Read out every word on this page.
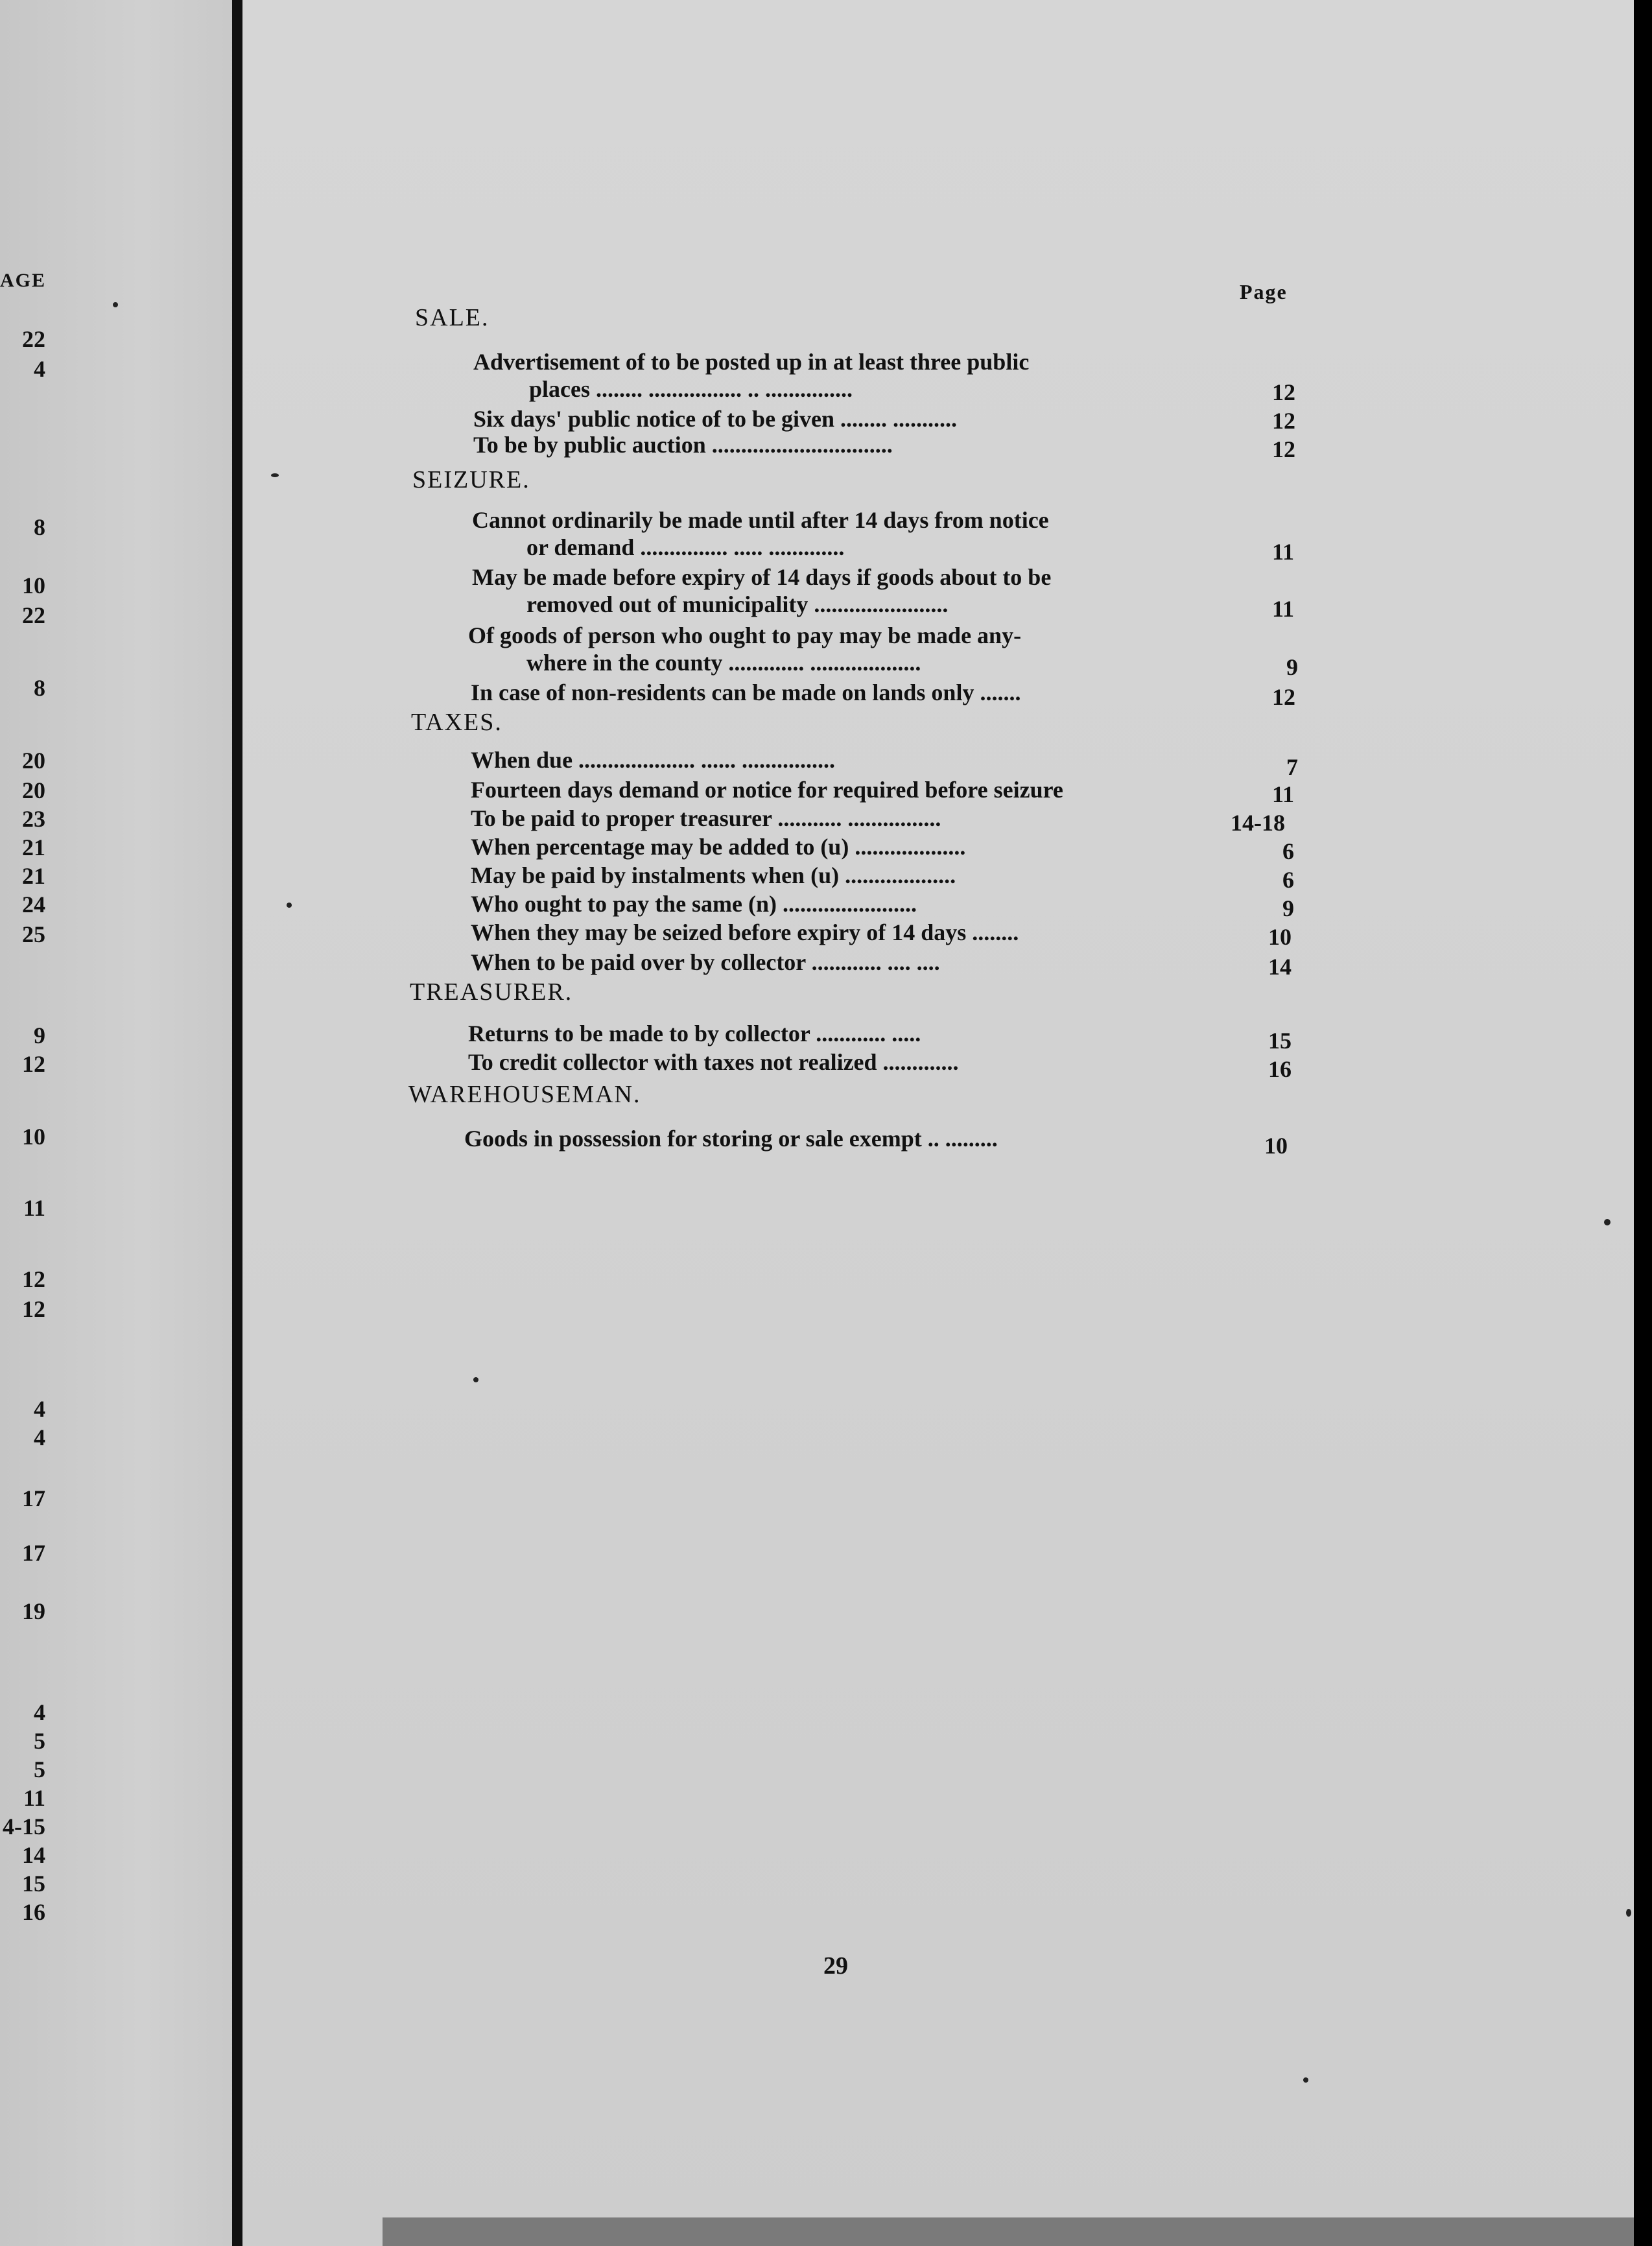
AGE
22
4
8
10
22
8
20
20
23
21
21
24
25
9
12
10
11
12
12
4
4
17
17
19
4
5
5
11
4-15
14
15
16
Page
SALE.
Advertisement of to be posted up in at least three public
places ........ ................ .. ...............	12
Six days' public notice of to be given ........ ...........	12
To be by public auction ...............................	12
SEIZURE.
Cannot ordinarily be made until after 14 days from notice
or demand ............... ..... .............	11
May be made before expiry of 14 days if goods about to be
removed out of municipality .......................	11
Of goods of person who ought to pay may be made any-
where in the county ............. ...................	9
In case of non-residents can be made on lands only .......	12
TAXES.
When due .................... ...... ................	7
Fourteen days demand or notice for required before seizure	11
To be paid to proper treasurer ........... ................	14-18
When percentage may be added to (u) ...................	6
May be paid by instalments when (u) ...................	6
Who ought to pay the same (n) .......................	9
When they may be seized before expiry of 14 days ........	10
When to be paid over by collector ............ .... ....	14
TREASURER.
Returns to be made to by collector ............ .....	15
To credit collector with taxes not realized .............	16
WAREHOUSEMAN.
Goods in possession for storing or sale exempt .. .........	10
29
